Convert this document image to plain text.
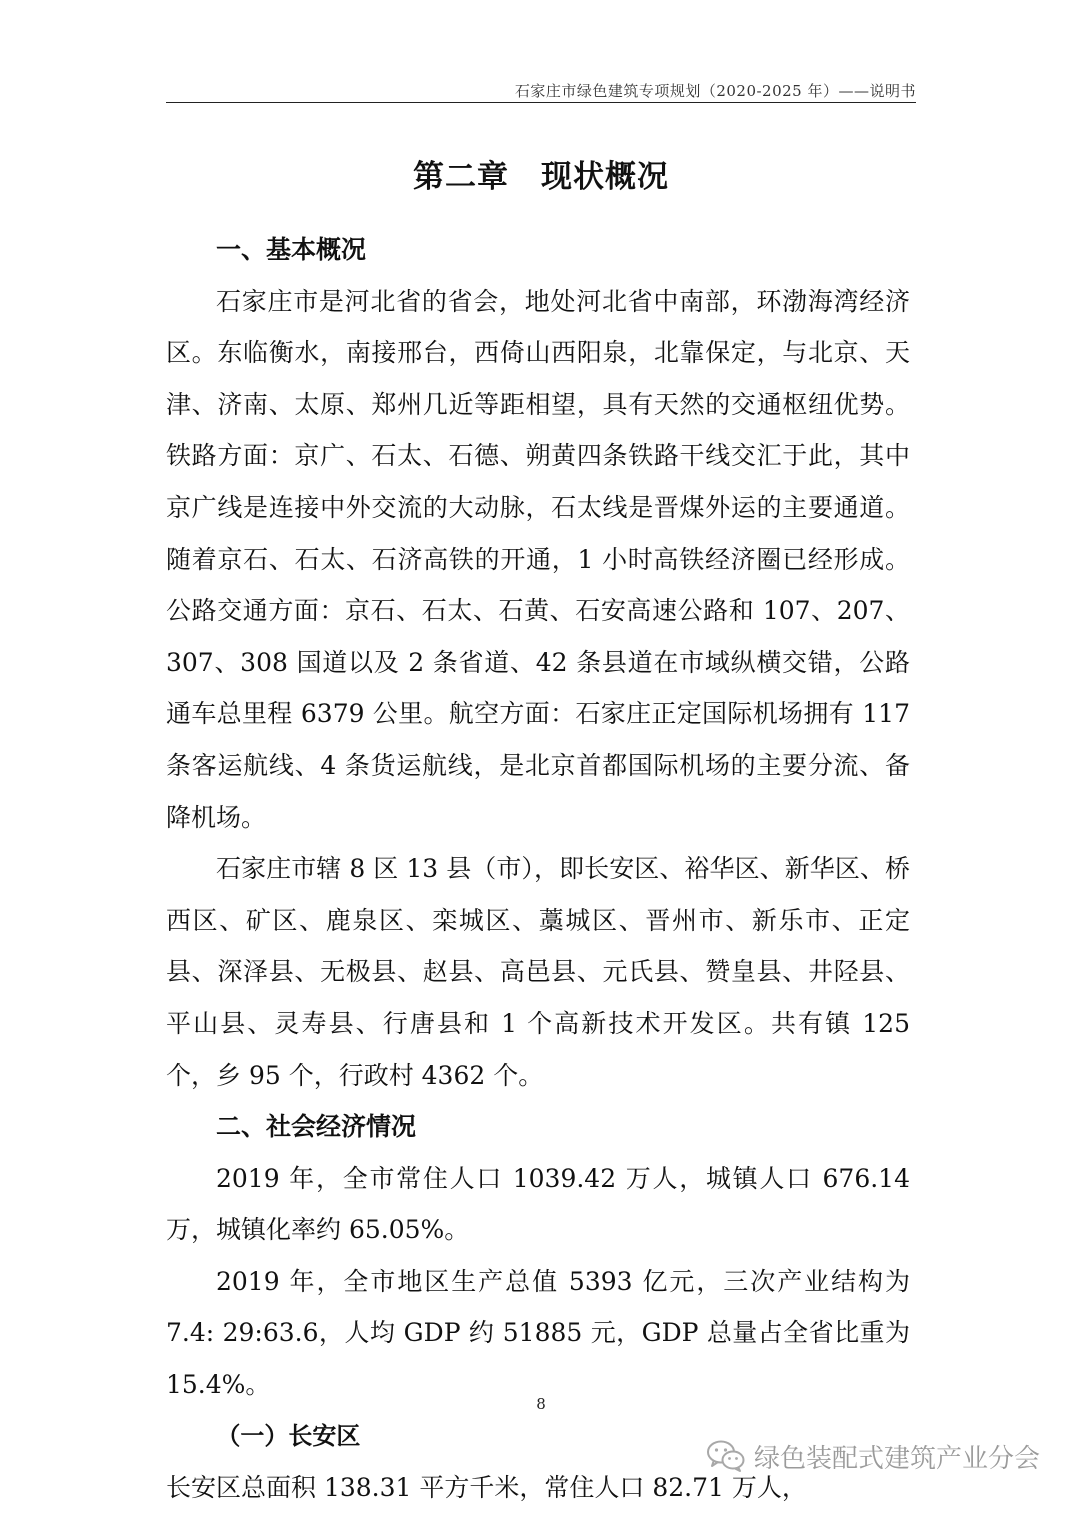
石家庄市绿色建筑专项规划（2020-2025 年）——说明书
第二章　现状概况
一、基本概况

石家庄市是河北省的省会，地处河北省中南部，环渤海湾经济区。东临衡水，南接邢台，西倚山西阳泉，北靠保定，与北京、天津、济南、太原、郑州几近等距相望，具有天然的交通枢纽优势。铁路方面：京广、石太、石德、朔黄四条铁路干线交汇于此，其中京广线是连接中外交流的大动脉，石太线是晋煤外运的主要通道。随着京石、石太、石济高铁的开通，1 小时高铁经济圈已经形成。公路交通方面：京石、石太、石黄、石安高速公路和 107、207、307、308 国道以及 2 条省道、42 条县道在市域纵横交错，公路通车总里程 6379 公里。航空方面：石家庄正定国际机场拥有 117 条客运航线、4 条货运航线，是北京首都国际机场的主要分流、备降机场。

石家庄市辖 8 区 13 县（市），即长安区、裕华区、新华区、桥西区、矿区、鹿泉区、栾城区、藁城区、晋州市、新乐市、正定县、深泽县、无极县、赵县、高邑县、元氏县、赞皇县、井陉县、平山县、灵寿县、行唐县和 1 个高新技术开发区。共有镇 125 个，乡 95 个，行政村 4362 个。

二、社会经济情况

2019 年，全市常住人口 1039.42 万人，城镇人口 676.14 万，城镇化率约 65.05%。

2019 年，全市地区生产总值 5393 亿元，三次产业结构为 7.4: 29:63.6，人均 GDP 约 51885 元，GDP 总量占全省比重为 15.4%。

（一）长安区

长安区总面积 138.31 平方千米，常住人口 82.71 万人，

8
绿色装配式建筑产业分会
